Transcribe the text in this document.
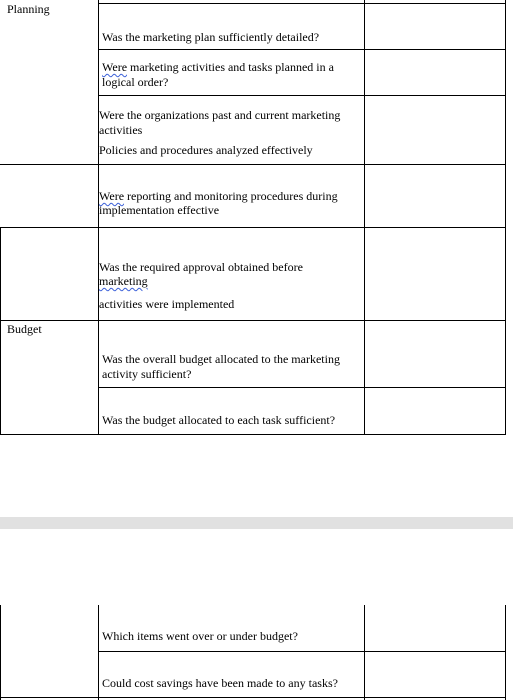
Planning
Was the marketing plan sufficiently detailed?
Were marketing activities and tasks planned in a
logical order?
Were the organizations past and current marketing
activities
Policies and procedures analyzed effectively
Were reporting and monitoring procedures during
implementation effective
Was the required approval obtained before
marketing
activities were implemented
Budget
Was the overall budget allocated to the marketing
activity sufficient?
Was the budget allocated to each task sufficient?
Which items went over or under budget?
Could cost savings have been made to any tasks?
